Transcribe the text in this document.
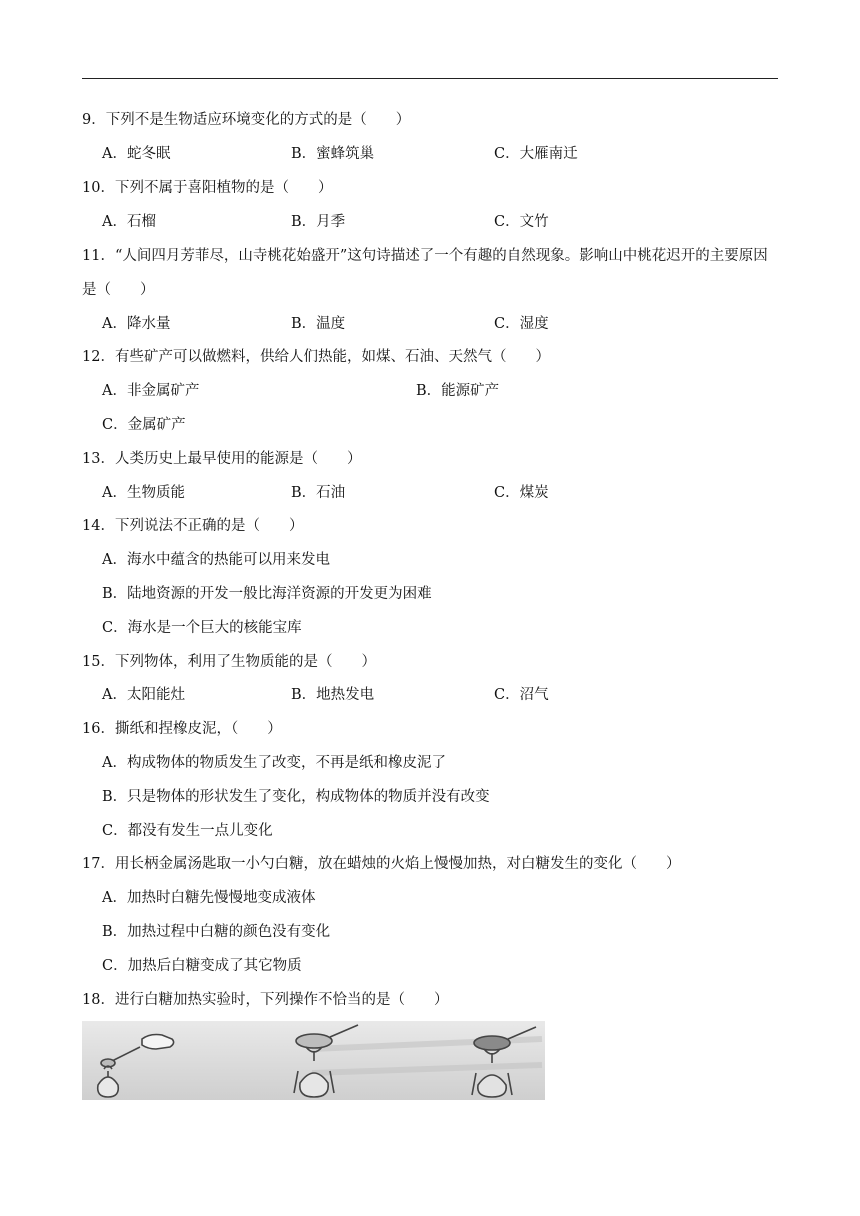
9．下列不是生物适应环境变化的方式的是（　　）
A．蛇冬眠	B．蜜蜂筑巢	C．大雁南迁
10．下列不属于喜阳植物的是（　　）
A．石榴	B．月季	C．文竹
11．“人间四月芳菲尽，山寺桃花始盛开”这句诗描述了一个有趣的自然现象。影响山中桃花迟开的主要原因是（　　）
A．降水量	B．温度	C．湿度
12．有些矿产可以做燃料，供给人们热能，如煤、石油、天然气（　　）
A．非金属矿产	B．能源矿产
C．金属矿产
13．人类历史上最早使用的能源是（　　）
A．生物质能	B．石油	C．煤炭
14．下列说法不正确的是（　　）
A．海水中蕴含的热能可以用来发电
B．陆地资源的开发一般比海洋资源的开发更为困难
C．海水是一个巨大的核能宝库
15．下列物体，利用了生物质能的是（　　）
A．太阳能灶	B．地热发电	C．沼气
16．撕纸和捏橡皮泥，（　　）
A．构成物体的物质发生了改变，不再是纸和橡皮泥了
B．只是物体的形状发生了变化，构成物体的物质并没有改变
C．都没有发生一点儿变化
17．用长柄金属汤匙取一小勺白糖，放在蜡烛的火焰上慢慢加热，对白糖发生的变化（　　）
A．加热时白糖先慢慢地变成液体
B．加热过程中白糖的颜色没有变化
C．加热后白糖变成了其它物质
18．进行白糖加热实验时，下列操作不恰当的是（　　）
